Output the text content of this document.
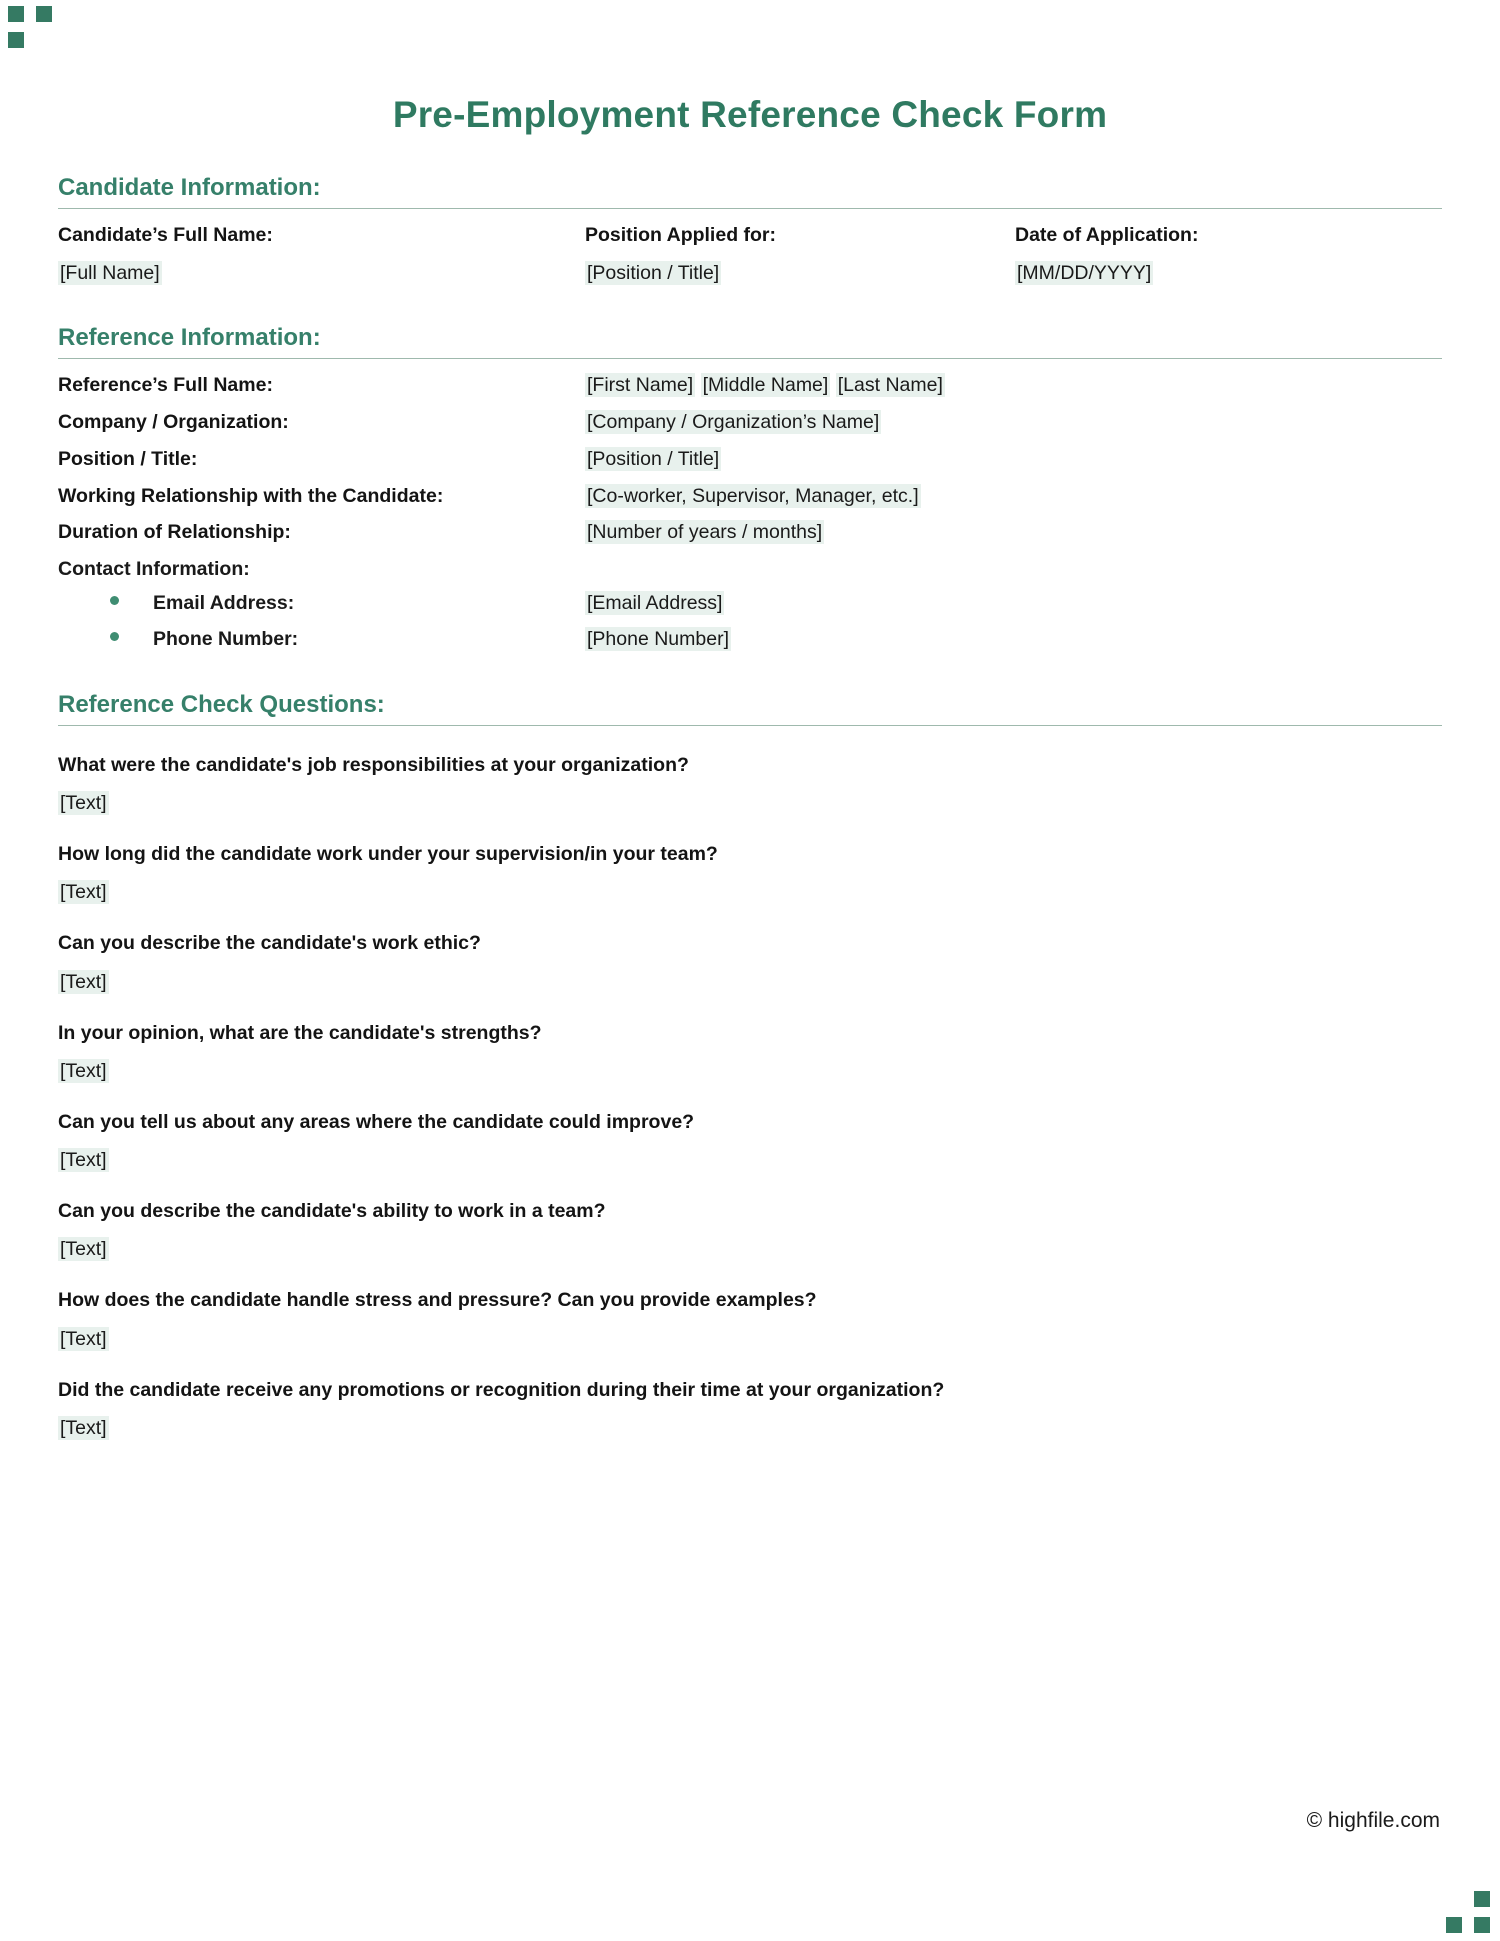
Pre-Employment Reference Check Form
Candidate Information:
Candidate’s Full Name:	Position Applied for:	Date of Application:
[Full Name]	[Position / Title]	[MM/DD/YYYY]
Reference Information:
Reference’s Full Name:	[First Name] [Middle Name] [Last Name]
Company / Organization:	[Company / Organization’s Name]
Position / Title:	[Position / Title]
Working Relationship with the Candidate:	[Co-worker, Supervisor, Manager, etc.]
Duration of Relationship:	[Number of years / months]
Contact Information:
Email Address:	[Email Address]
Phone Number:	[Phone Number]
Reference Check Questions:
What were the candidate's job responsibilities at your organization?
[Text]
How long did the candidate work under your supervision/in your team?
[Text]
Can you describe the candidate's work ethic?
[Text]
In your opinion, what are the candidate's strengths?
[Text]
Can you tell us about any areas where the candidate could improve?
[Text]
Can you describe the candidate's ability to work in a team?
[Text]
How does the candidate handle stress and pressure? Can you provide examples?
[Text]
Did the candidate receive any promotions or recognition during their time at your organization?
[Text]
© highfile.com
